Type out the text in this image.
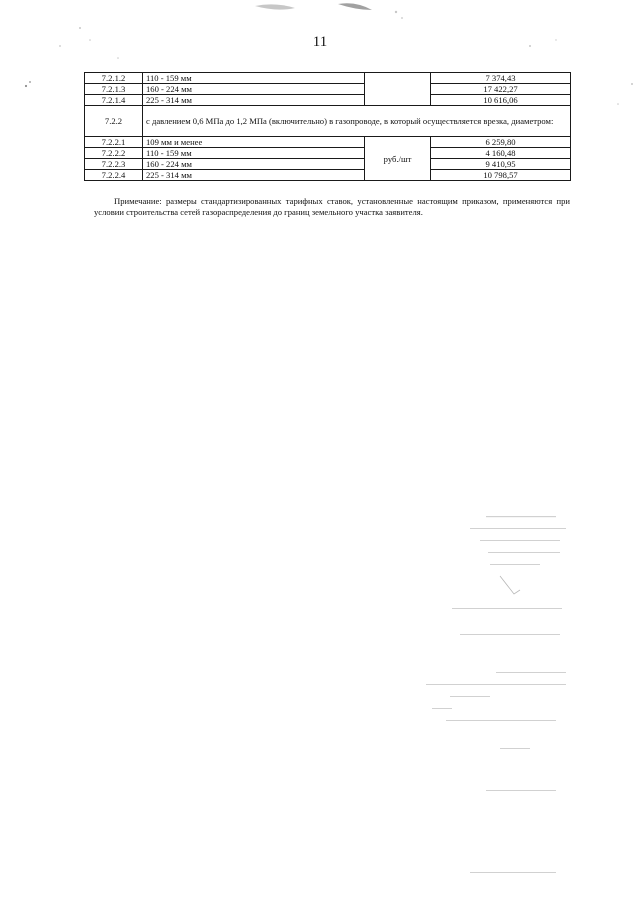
11
7.2.1.2	110 - 159 мм		7 374,43
7.2.1.3	160 - 224 мм		17 422,27
7.2.1.4	225 - 314 мм		10 616,06
7.2.2	с давлением 0,6 МПа до 1,2 МПа (включительно) в газопроводе, в который осуществляется врезка, диаметром:		
7.2.2.1	109 мм и менее	руб./шт	6 259,80
7.2.2.2	110 - 159 мм		4 160,48
7.2.2.3	160 - 224 мм		9 410,95
7.2.2.4	225 - 314 мм		10 798,57
Примечание: размеры стандартизированных тарифных ставок, установленные настоящим приказом, применяются при условии строительства сетей газораспределения до границ земельного участка заявителя.
